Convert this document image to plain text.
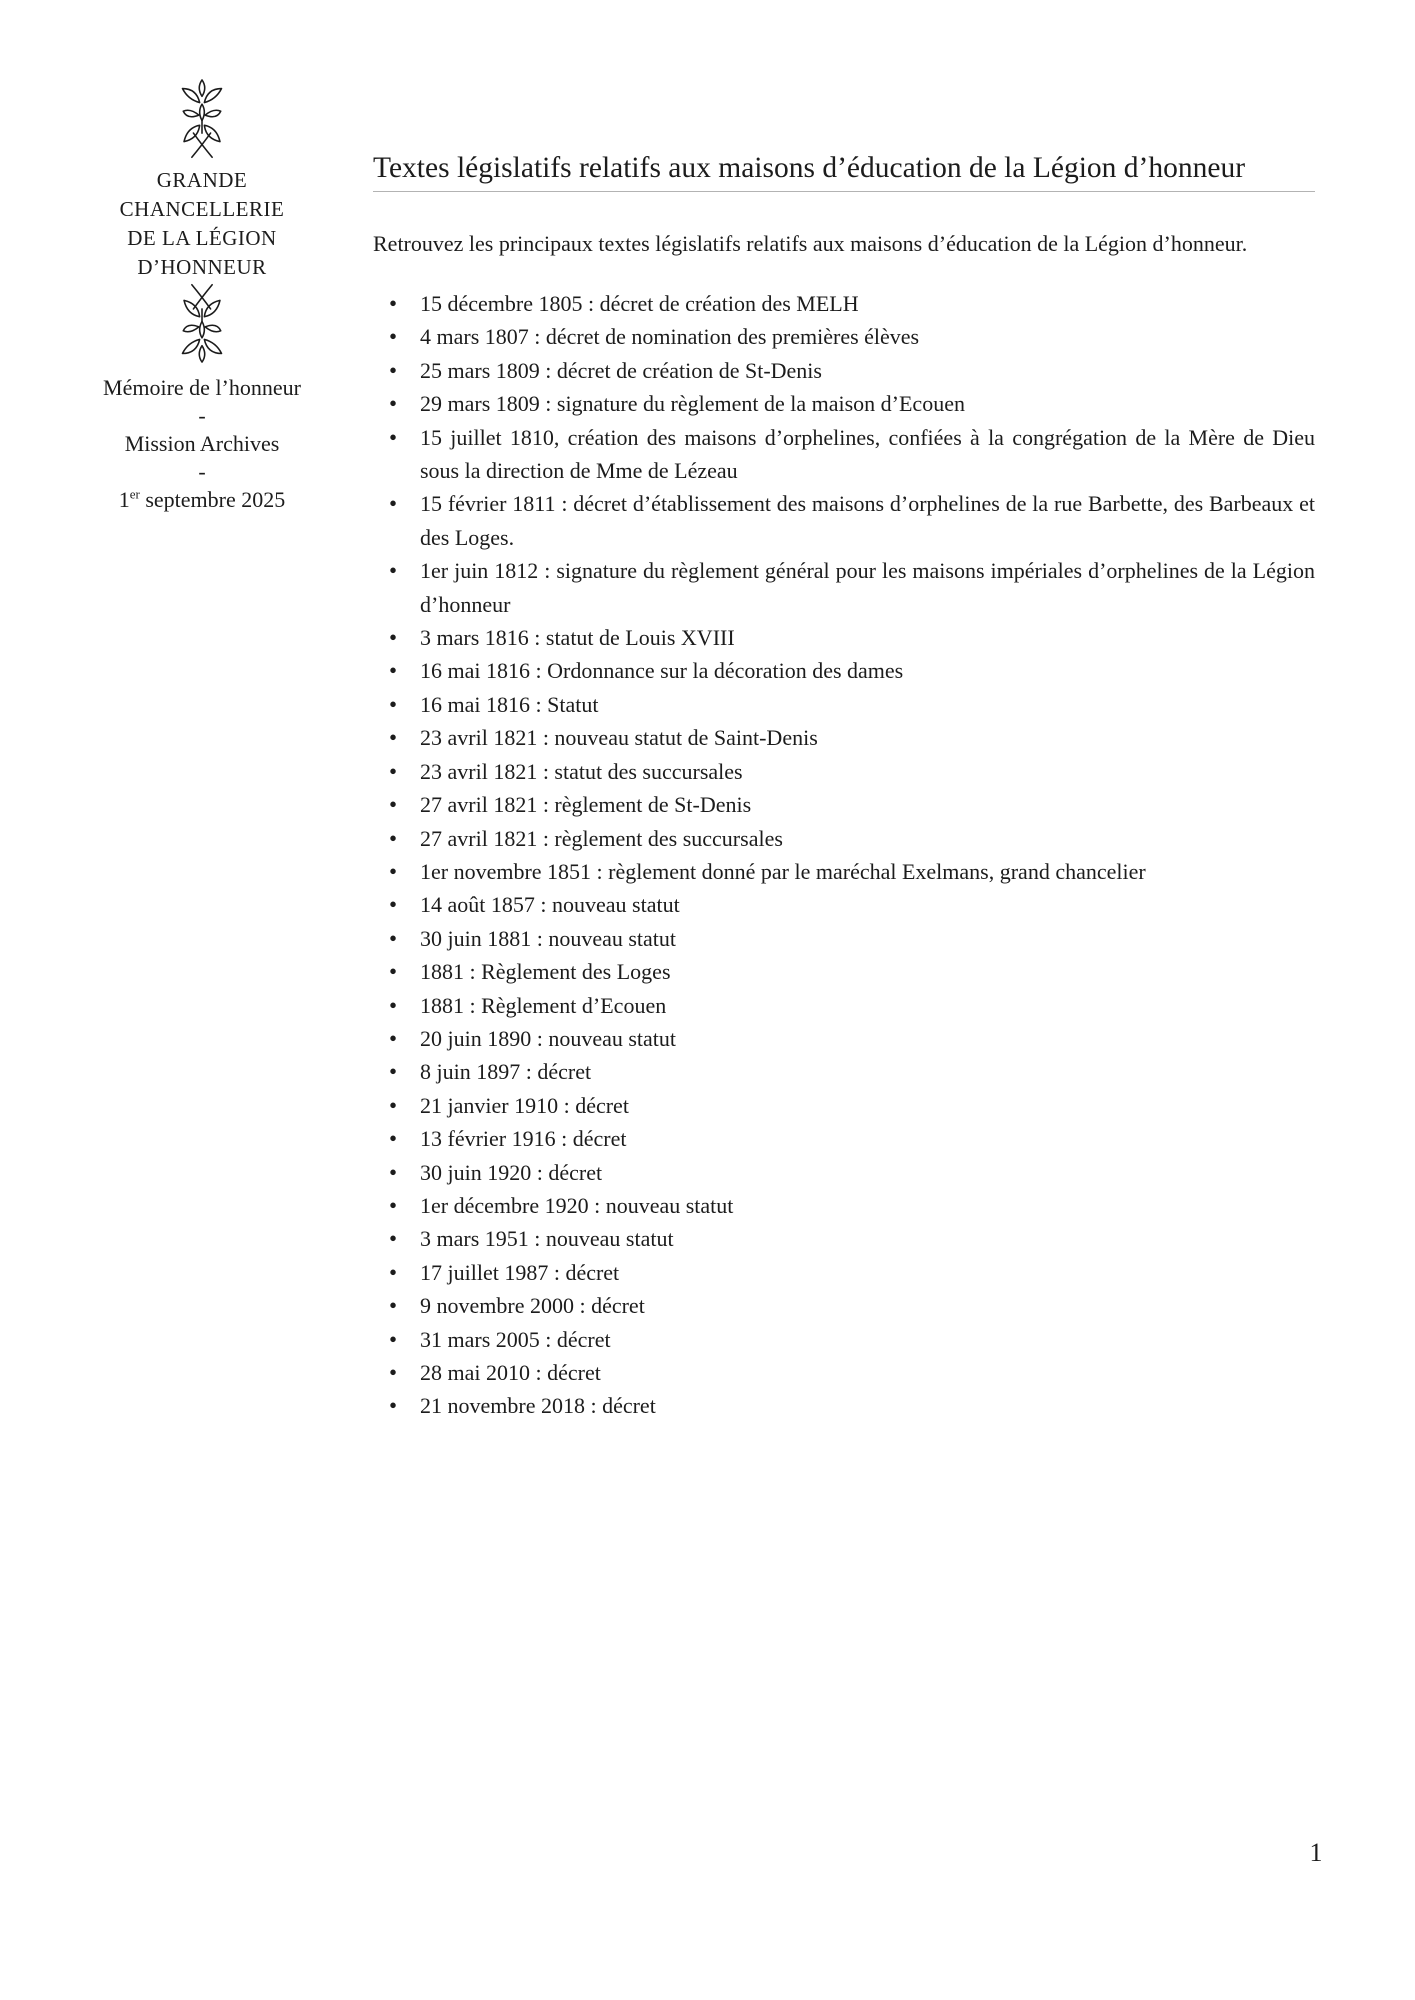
GRANDE
CHANCELLERIE
DE LA LÉGION
D’HONNEUR
Mémoire de l’honneur
-
Mission Archives
-
1er septembre 2025
Textes législatifs relatifs aux maisons d’éducation de la Légion d’honneur

Retrouvez les principaux textes législatifs relatifs aux maisons d’éducation de la Légion d’honneur.

• 15 décembre 1805 : décret de création des MELH
• 4 mars 1807 : décret de nomination des premières élèves
• 25 mars 1809 : décret de création de St-Denis
• 29 mars 1809 : signature du règlement de la maison d’Ecouen
• 15 juillet 1810, création des maisons d’orphelines, confiées à la congrégation de la Mère de Dieu sous la direction de Mme de Lézeau
• 15 février 1811 : décret d’établissement des maisons d’orphelines de la rue Barbette, des Barbeaux et des Loges.
• 1er juin 1812 : signature du règlement général pour les maisons impériales d’orphelines de la Légion d’honneur
• 3 mars 1816 : statut de Louis XVIII
• 16 mai 1816 : Ordonnance sur la décoration des dames
• 16 mai 1816 : Statut
• 23 avril 1821 : nouveau statut de Saint-Denis
• 23 avril 1821 : statut des succursales
• 27 avril 1821 : règlement de St-Denis
• 27 avril 1821 : règlement des succursales
• 1er novembre 1851 : règlement donné par le maréchal Exelmans, grand chancelier
• 14 août 1857 : nouveau statut
• 30 juin 1881 : nouveau statut
• 1881 : Règlement des Loges
• 1881 : Règlement d’Ecouen
• 20 juin 1890 : nouveau statut
• 8 juin 1897 : décret
• 21 janvier 1910 : décret
• 13 février 1916 : décret
• 30 juin 1920 : décret
• 1er décembre 1920 : nouveau statut
• 3 mars 1951 : nouveau statut
• 17 juillet 1987 : décret
• 9 novembre 2000 : décret
• 31 mars 2005 : décret
• 28 mai 2010 : décret
• 21 novembre 2018 : décret
1
